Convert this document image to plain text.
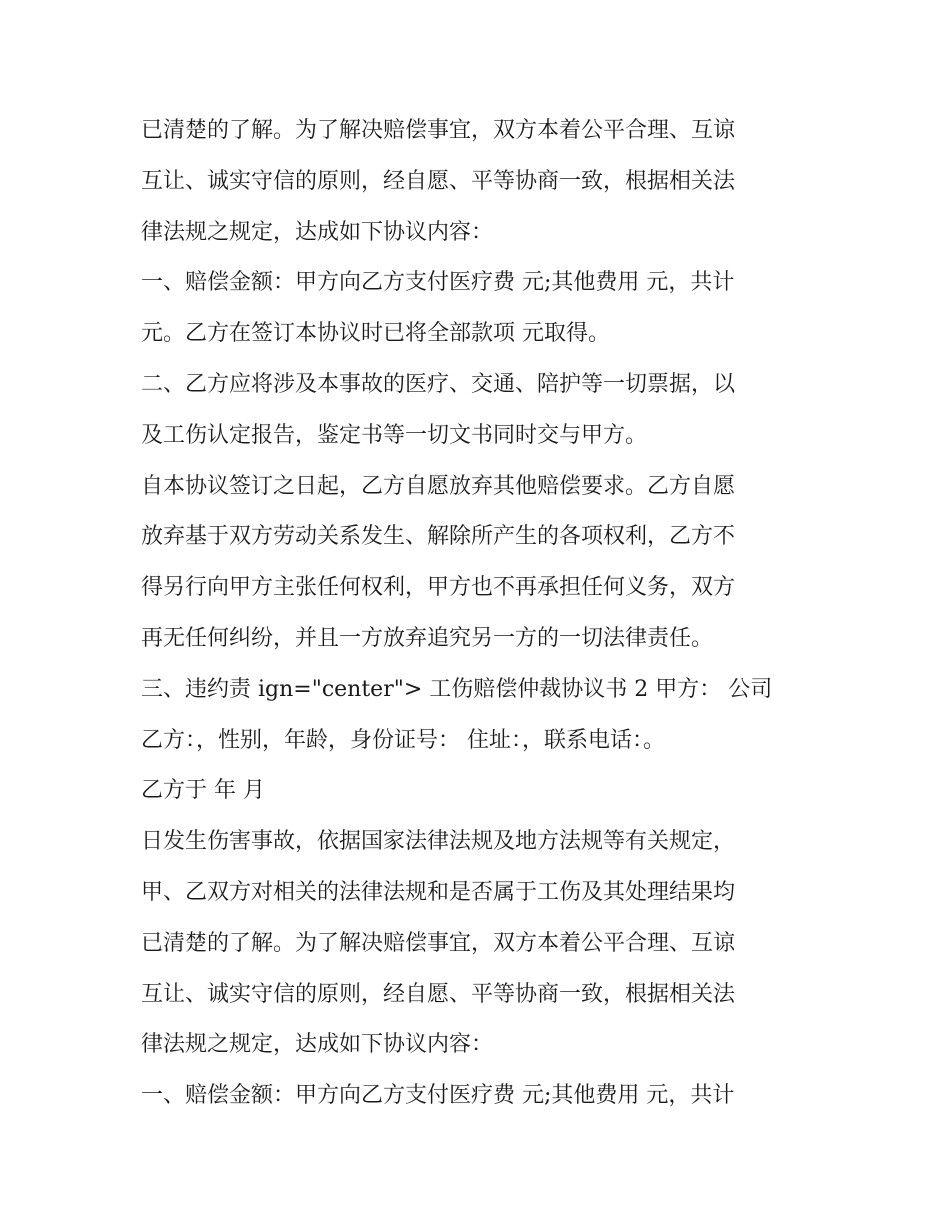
已清楚的了解。为了解决赔偿事宜，双方本着公平合理、互谅
互让、诚实守信的原则，经自愿、平等协商一致，根据相关法
律法规之规定，达成如下协议内容：
一、赔偿金额：甲方向乙方支付医疗费 元;其他费用 元，共计
元。乙方在签订本协议时已将全部款项 元取得。
二、乙方应将涉及本事故的医疗、交通、陪护等一切票据，以
及工伤认定报告，鉴定书等一切文书同时交与甲方。
自本协议签订之日起，乙方自愿放弃其他赔偿要求。乙方自愿
放弃基于双方劳动关系发生、解除所产生的各项权利，乙方不
得另行向甲方主张任何权利，甲方也不再承担任何义务，双方
再无任何纠纷，并且一方放弃追究另一方的一切法律责任。
三、违约责 ign="center"> 工伤赔偿仲裁协议书 2 甲方： 公司
乙方：，性别，年龄，身份证号： 住址：，联系电话：。
乙方于 年 月
日发生伤害事故，依据国家法律法规及地方法规等有关规定，
甲、乙双方对相关的法律法规和是否属于工伤及其处理结果均
已清楚的了解。为了解决赔偿事宜，双方本着公平合理、互谅
互让、诚实守信的原则，经自愿、平等协商一致，根据相关法
律法规之规定，达成如下协议内容：
一、赔偿金额：甲方向乙方支付医疗费 元;其他费用 元，共计
